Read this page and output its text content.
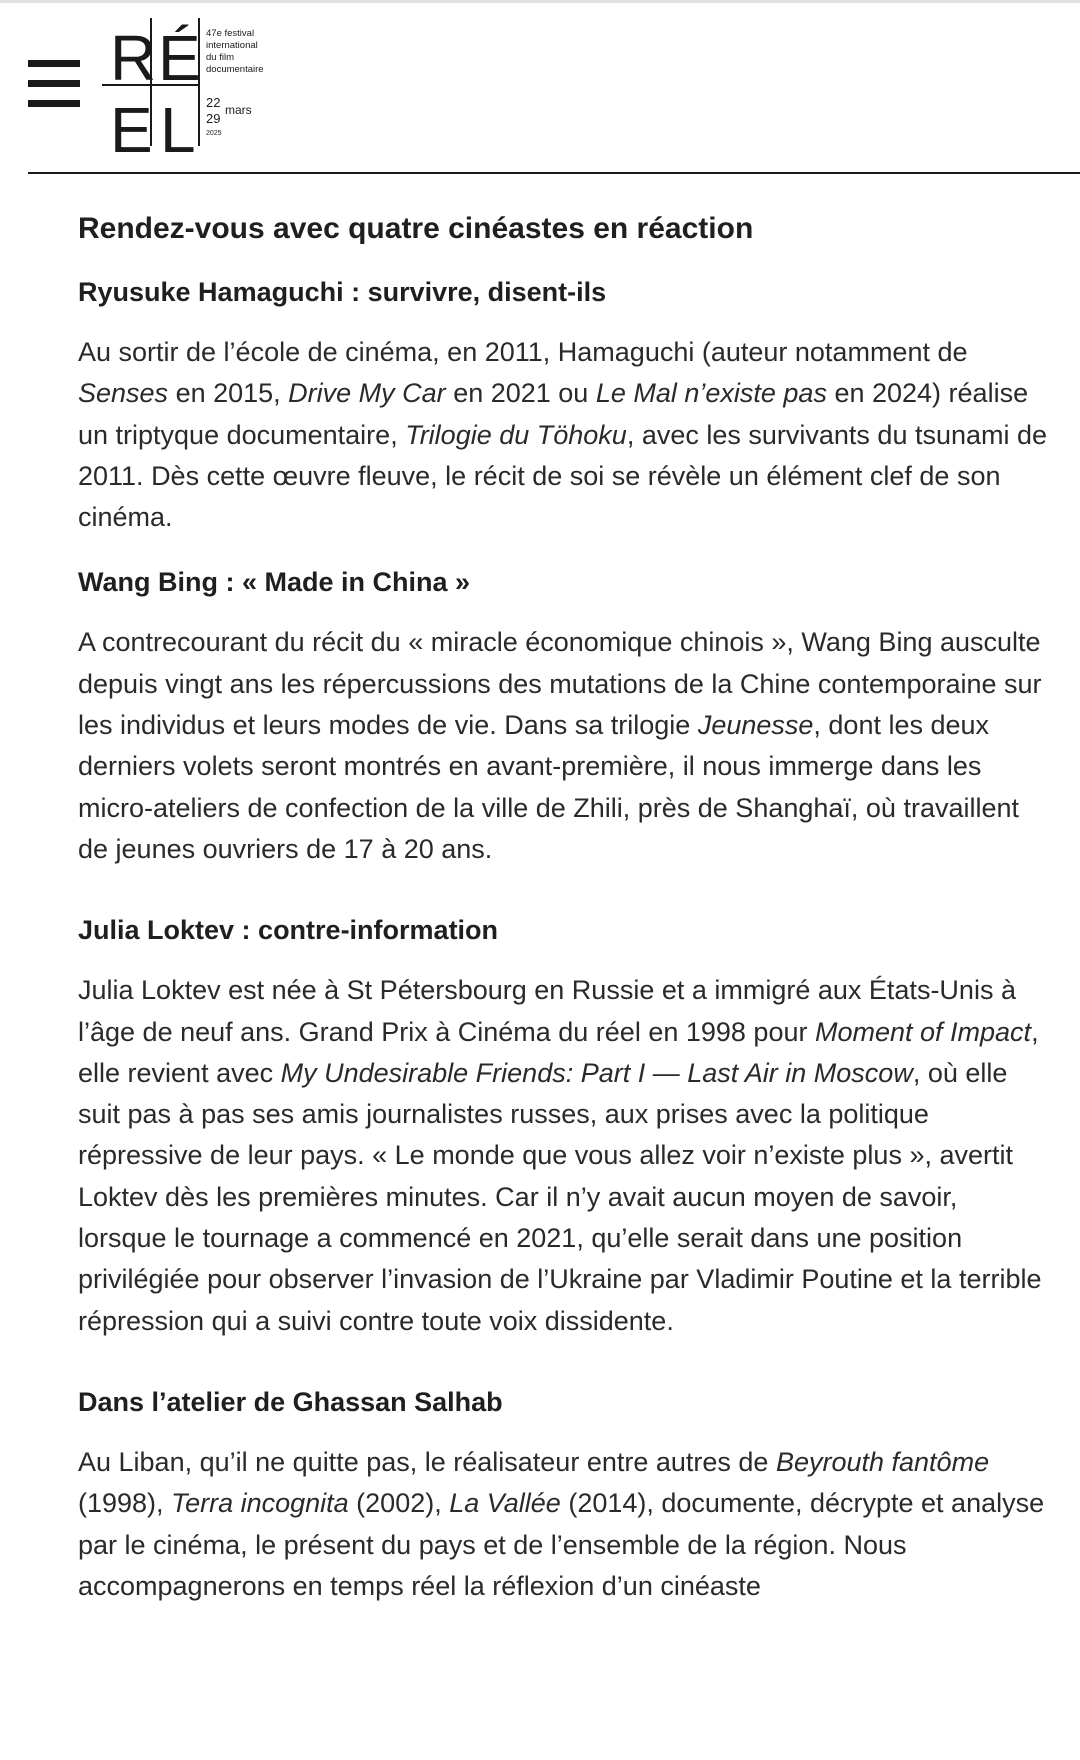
R É
E L
47e festival
international
du film
documentaire
22
29
mars
2025
Rendez-vous avec quatre cinéastes en réaction
Ryusuke Hamaguchi : survivre, disent-ils

Au sortir de l’école de cinéma, en 2011, Hamaguchi (auteur notamment de Senses en 2015, Drive My Car en 2021 ou Le Mal n’existe pas en 2024) réalise un triptyque documentaire, Trilogie du Töhoku, avec les survivants du tsunami de 2011. Dès cette œuvre fleuve, le récit de soi se révèle un élément clef de son cinéma.

Wang Bing : « Made in China »

A contrecourant du récit du « miracle économique chinois », Wang Bing ausculte depuis vingt ans les répercussions des mutations de la Chine contemporaine sur les individus et leurs modes de vie. Dans sa trilogie Jeunesse, dont les deux derniers volets seront montrés en avant-première, il nous immerge dans les micro-ateliers de confection de la ville de Zhili, près de Shanghaï, où travaillent de jeunes ouvriers de 17 à 20 ans.

Julia Loktev : contre-information

Julia Loktev est née à St Pétersbourg en Russie et a immigré aux États-Unis à l’âge de neuf ans. Grand Prix à Cinéma du réel en 1998 pour Moment of Impact, elle revient avec My Undesirable Friends: Part I — Last Air in Moscow, où elle suit pas à pas ses amis journalistes russes, aux prises avec la politique répressive de leur pays. « Le monde que vous allez voir n’existe plus », avertit Loktev dès les premières minutes. Car il n’y avait aucun moyen de savoir, lorsque le tournage a commencé en 2021, qu’elle serait dans une position privilégiée pour observer l’invasion de l’Ukraine par Vladimir Poutine et la terrible répression qui a suivi contre toute voix dissidente.

Dans l’atelier de Ghassan Salhab

Au Liban, qu’il ne quitte pas, le réalisateur entre autres de Beyrouth fantôme (1998), Terra incognita (2002), La Vallée (2014), documente, décrypte et analyse par le cinéma, le présent du pays et de l’ensemble de la région. Nous accompagnerons en temps réel la réflexion d’un cinéaste
